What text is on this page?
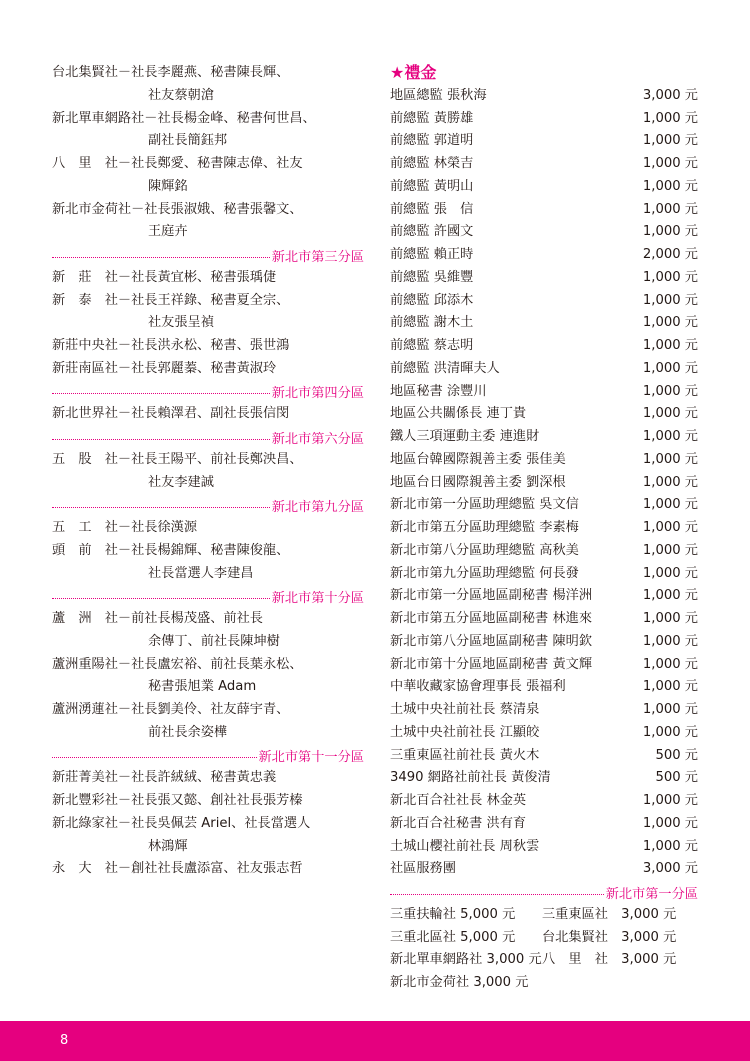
台北集賢社－社長李麗燕、秘書陳長輝、
社友蔡朝滄
新北單車網路社－社長楊金峰、秘書何世昌、
副社長簡鈺邦
八　里　社－社長鄭愛、秘書陳志偉、社友
陳輝銘
新北市金荷社－社長張淑娥、秘書張馨文、
王庭卉
新北市第三分區
新　莊　社－社長黃宜彬、秘書張瑀倢
新　泰　社－社長王祥錄、秘書夏全宗、
社友張呈禎
新莊中央社－社長洪永松、秘書、張世鴻
新莊南區社－社長郭麗蓁、秘書黃淑玲
新北市第四分區
新北世界社－社長賴澤君、副社長張信閔
新北市第六分區
五　股　社－社長王陽平、前社長鄭泱昌、
社友李建誠
新北市第九分區
五　工　社－社長徐漢源
頭　前　社－社長楊錦輝、秘書陳俊龍、
社長當選人李建昌
新北市第十分區
蘆　洲　社－前社長楊茂盛、前社長
余傳丁、前社長陳坤樹
蘆洲重陽社－社長盧宏裕、前社長葉永松、
秘書張旭業 Adam
蘆洲湧蓮社－社長劉美伶、社友薛宇青、
前社長余姿樺
新北市第十一分區
新莊菁美社－社長許絨絨、秘書黃忠義
新北豐彩社－社長張又懿、創社社長張芳榛
新北綠家社－社長吳佩芸 Ariel、社長當選人
林鴻輝
永　大　社－創社社長盧添富、社友張志哲
★禮金
地區總監 張秋海	3,000 元
前總監 黃勝雄	1,000 元
前總監 郭道明	1,000 元
前總監 林榮吉	1,000 元
前總監 黃明山	1,000 元
前總監 張　信	1,000 元
前總監 許國文	1,000 元
前總監 賴正時	2,000 元
前總監 吳維豐	1,000 元
前總監 邱添木	1,000 元
前總監 謝木土	1,000 元
前總監 蔡志明	1,000 元
前總監 洪清暉夫人	1,000 元
地區秘書 涂豐川	1,000 元
地區公共關係長 連丁貴	1,000 元
鐵人三項運動主委 連進財	1,000 元
地區台韓國際親善主委 張佳美	1,000 元
地區台日國際親善主委 劉深根	1,000 元
新北市第一分區助理總監 吳文信	1,000 元
新北市第五分區助理總監 李素梅	1,000 元
新北市第八分區助理總監 高秋美	1,000 元
新北市第九分區助理總監 何長發	1,000 元
新北市第一分區地區副秘書 楊洋洲	1,000 元
新北市第五分區地區副秘書 林進來	1,000 元
新北市第八分區地區副秘書 陳明欽	1,000 元
新北市第十分區地區副秘書 黃文輝	1,000 元
中華收藏家協會理事長 張福利	1,000 元
土城中央社前社長 蔡清泉	1,000 元
土城中央社前社長 江顯皎	1,000 元
三重東區社前社長 黃火木	500 元
3490 網路社前社長 黃俊清	500 元
新北百合社社長 林金英	1,000 元
新北百合社秘書 洪有育	1,000 元
土城山櫻社前社長 周秋雲	1,000 元
社區服務團	3,000 元
新北市第一分區
三重扶輪社 5,000 元	三重東區社　3,000 元
三重北區社 5,000 元	台北集賢社　3,000 元
新北單車網路社 3,000 元 八　里　社　3,000 元
新北市金荷社 3,000 元
8
